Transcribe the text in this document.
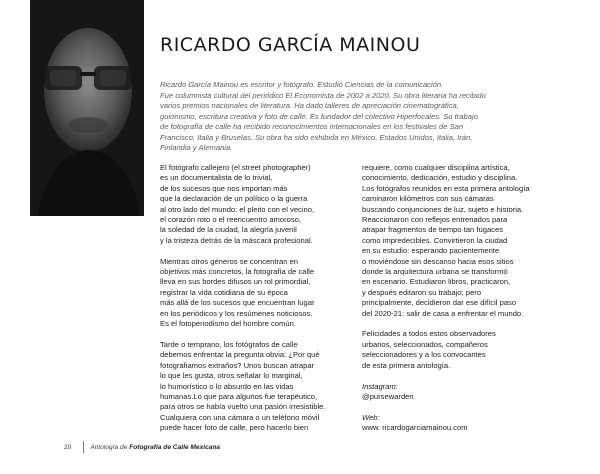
RICARDO GARCÍA MAINOU

Ricardo García Mainou es escritor y fotógrafo. Estudió Ciencias de la comunicación.
Fue columnista cultural del periódico El Economista de 2002 a 2020. Su obra literaria ha recibido
varios premios nacionales de literatura. Ha dado talleres de apreciación cinematográfica,
guionismo, escritura creativa y foto de calle. Es fundador del colectivo Hiperfocales. Su trabajo
de fotografía de calle ha recibido reconocimientos internacionales en los festivales de San
Francisco, Italia y Bruselas. Su obra ha sido exhibida en México, Estados Unidos, Italia, Irán,
Finlandia y Alemania.

El fotógrafo callejero (el street photographer)
es un documentalista de lo trivial,
de los sucesos que nos importan más
que la declaración de un político o la guerra
al otro lado del mundo: el pleito con el vecino,
el corazón roto o el reencuentro amoroso,
la soledad de la ciudad, la alegría juvenil
y la tristeza detrás de la máscara profesional.

Mientras otros géneros se concentran en
objetivos más concretos, la fotografía de calle
lleva en sus bordes difusos un rol primordial,
registrar la vida cotidiana de su época
más allá de los sucesos que encuentran lugar
en los periódicos y los resúmenes noticiosos.
Es el fotoperiodismo del hombre común.

Tarde o temprano, los fotógrafos de calle
debemos enfrentar la pregunta obvia: ¿Por qué
fotografiamos extraños? Unos buscan atrapar
lo que les gusta, otros señalar lo marginal,
lo humorístico o lo absurdo en las vidas
humanas.Lo que para algunos fue terapéutico,
para otros se había vuelto una pasión irresistible.
Cualquiera con una cámara o un teléfono móvil
puede hacer foto de calle, pero hacerlo bien

requiere, como cualquier disciplina artística,
conocimiento, dedicación, estudio y disciplina.
Los fotógrafos reunidos en esta primera antología
caminaron kilómetros con sus cámaras
buscando conjunciones de luz, sujeto e historia.
Reaccionaron con reflejos entrenados para
atrapar fragmentos de tiempo tan fugaces
como impredecibles. Convirtieron la ciudad
en su estudio: esperando pacientemente
o moviéndose sin descanso hacia esos sitios
donde la arquitectura urbana se transformó
en escenario. Estudiaron libros, practicaron,
y después editaron su trabajo; pero
principalmente, decidieron dar ese difícil paso
del 2020-21: salir de casa a enfrentar el mundo.

Felicidades a todos estos observadores
urbanos, seleccionados, compañeros
seleccionadores y a los convocantes
de esta primera antología.

Instagram:
@pursewarden

Web:
www. ricardogarciamainou.com

20	Antología de Fotografía de Calle Mexicana
